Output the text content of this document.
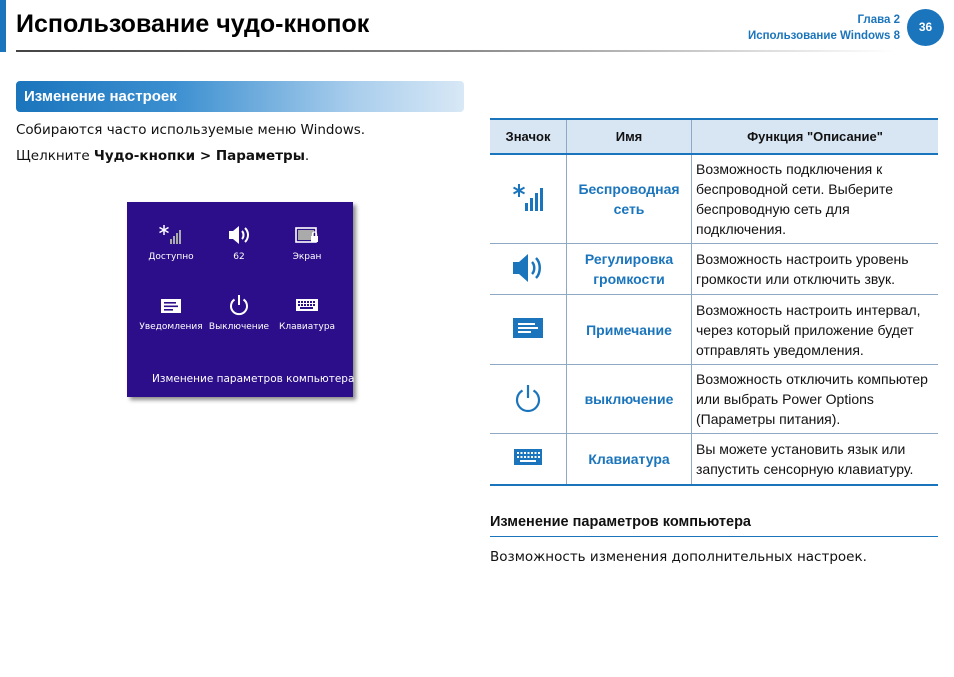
Использование чудо-кнопок	Глава 2
Использование Windows 8
36
Изменение настроек
Собираются часто используемые меню Windows.
Щелкните Чудо-кнопки > Параметры.
Доступно	62	Экран
Уведомления Выключение	Клавиатура
Изменение параметров компьютера
Значок	Имя	Функция "Описание"
	Беспроводная сеть	Возможность подключения к беспроводной сети. Выберите беспроводную сеть для подключения.
	Регулировка громкости	Возможность настроить уровень громкости или отключить звук.
	Примечание	Возможность настроить интервал, через который приложение будет отправлять уведомления.
	выключение	Возможность отключить компьютер или выбрать Power Options (Параметры питания).
	Клавиатура	Вы можете установить язык или запустить сенсорную клавиатуру.
Изменение параметров компьютера
Возможность изменения дополнительных настроек.
